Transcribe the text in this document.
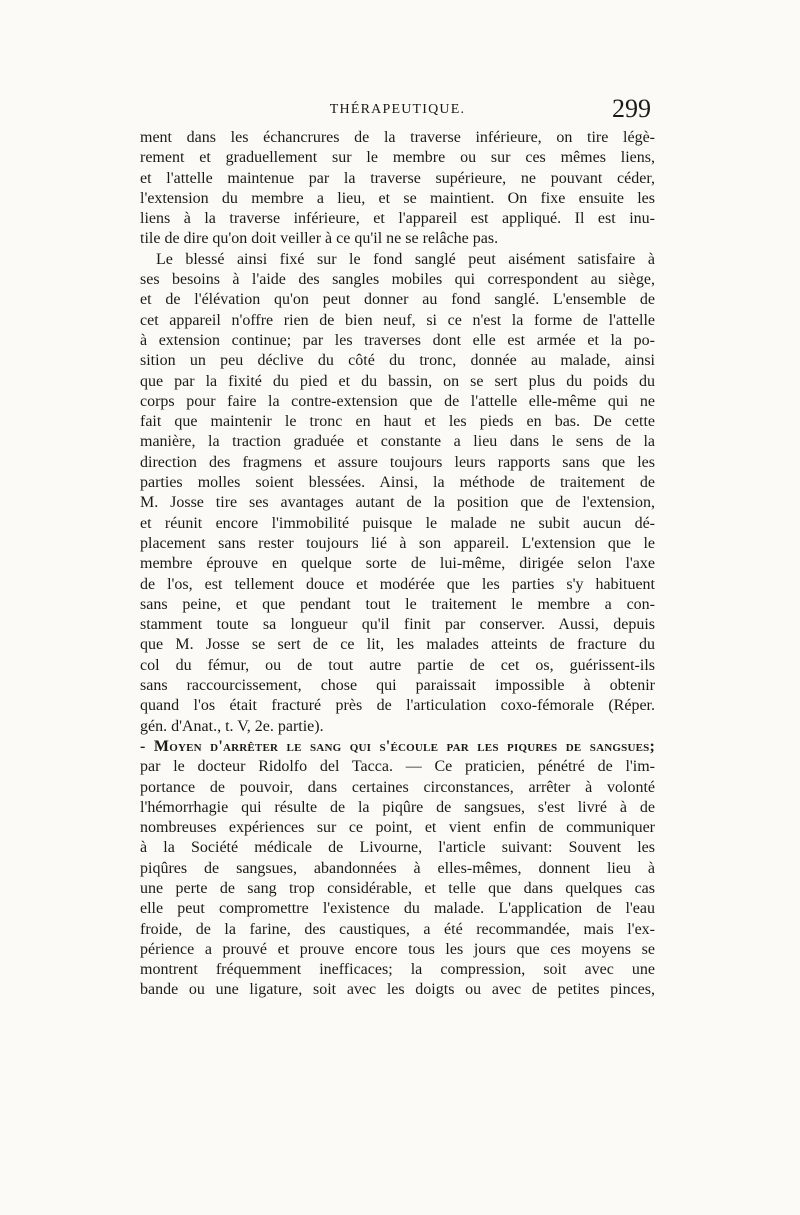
THÉRAPEUTIQUE.	299
ment dans les échancrures de la traverse inférieure, on tire légè-
rement et graduellement sur le membre ou sur ces mêmes liens,
et l'attelle maintenue par la traverse supérieure, ne pouvant céder,
l'extension du membre a lieu, et se maintient. On fixe ensuite les
liens à la traverse inférieure, et l'appareil est appliqué. Il est inu-
tile de dire qu'on doit veiller à ce qu'il ne se relâche pas.
Le blessé ainsi fixé sur le fond sanglé peut aisément satisfaire à
ses besoins à l'aide des sangles mobiles qui correspondent au siège,
et de l'élévation qu'on peut donner au fond sanglé. L'ensemble de
cet appareil n'offre rien de bien neuf, si ce n'est la forme de l'attelle
à extension continue; par les traverses dont elle est armée et la po-
sition un peu déclive du côté du tronc, donnée au malade, ainsi
que par la fixité du pied et du bassin, on se sert plus du poids du
corps pour faire la contre-extension que de l'attelle elle-même qui ne
fait que maintenir le tronc en haut et les pieds en bas. De cette
manière, la traction graduée et constante a lieu dans le sens de la
direction des fragmens et assure toujours leurs rapports sans que les
parties molles soient blessées. Ainsi, la méthode de traitement de
M. Josse tire ses avantages autant de la position que de l'extension,
et réunit encore l'immobilité puisque le malade ne subit aucun dé-
placement sans rester toujours lié à son appareil. L'extension que le
membre éprouve en quelque sorte de lui-même, dirigée selon l'axe
de l'os, est tellement douce et modérée que les parties s'y habituent
sans peine, et que pendant tout le traitement le membre a con-
stamment toute sa longueur qu'il finit par conserver. Aussi, depuis
que M. Josse se sert de ce lit, les malades atteints de fracture du
col du fémur, ou de tout autre partie de cet os, guérissent-ils
sans raccourcissement, chose qui paraissait impossible à obtenir
quand l'os était fracturé près de l'articulation coxo-fémorale (Réper.
gén. d'Anat., t. V, 2e. partie).
- Moyen d'arrêter le sang qui s'écoule par les piqures de sangsues;
par le docteur Ridolfo del Tacca. — Ce praticien, pénétré de l'im-
portance de pouvoir, dans certaines circonstances, arrêter à volonté
l'hémorrhagie qui résulte de la piqûre de sangsues, s'est livré à de
nombreuses expériences sur ce point, et vient enfin de communiquer
à la Société médicale de Livourne, l'article suivant: Souvent les
piqûres de sangsues, abandonnées à elles-mêmes, donnent lieu à
une perte de sang trop considérable, et telle que dans quelques cas
elle peut compromettre l'existence du malade. L'application de l'eau
froide, de la farine, des caustiques, a été recommandée, mais l'ex-
périence a prouvé et prouve encore tous les jours que ces moyens se
montrent fréquemment inefficaces; la compression, soit avec une
bande ou une ligature, soit avec les doigts ou avec de petites pinces,
